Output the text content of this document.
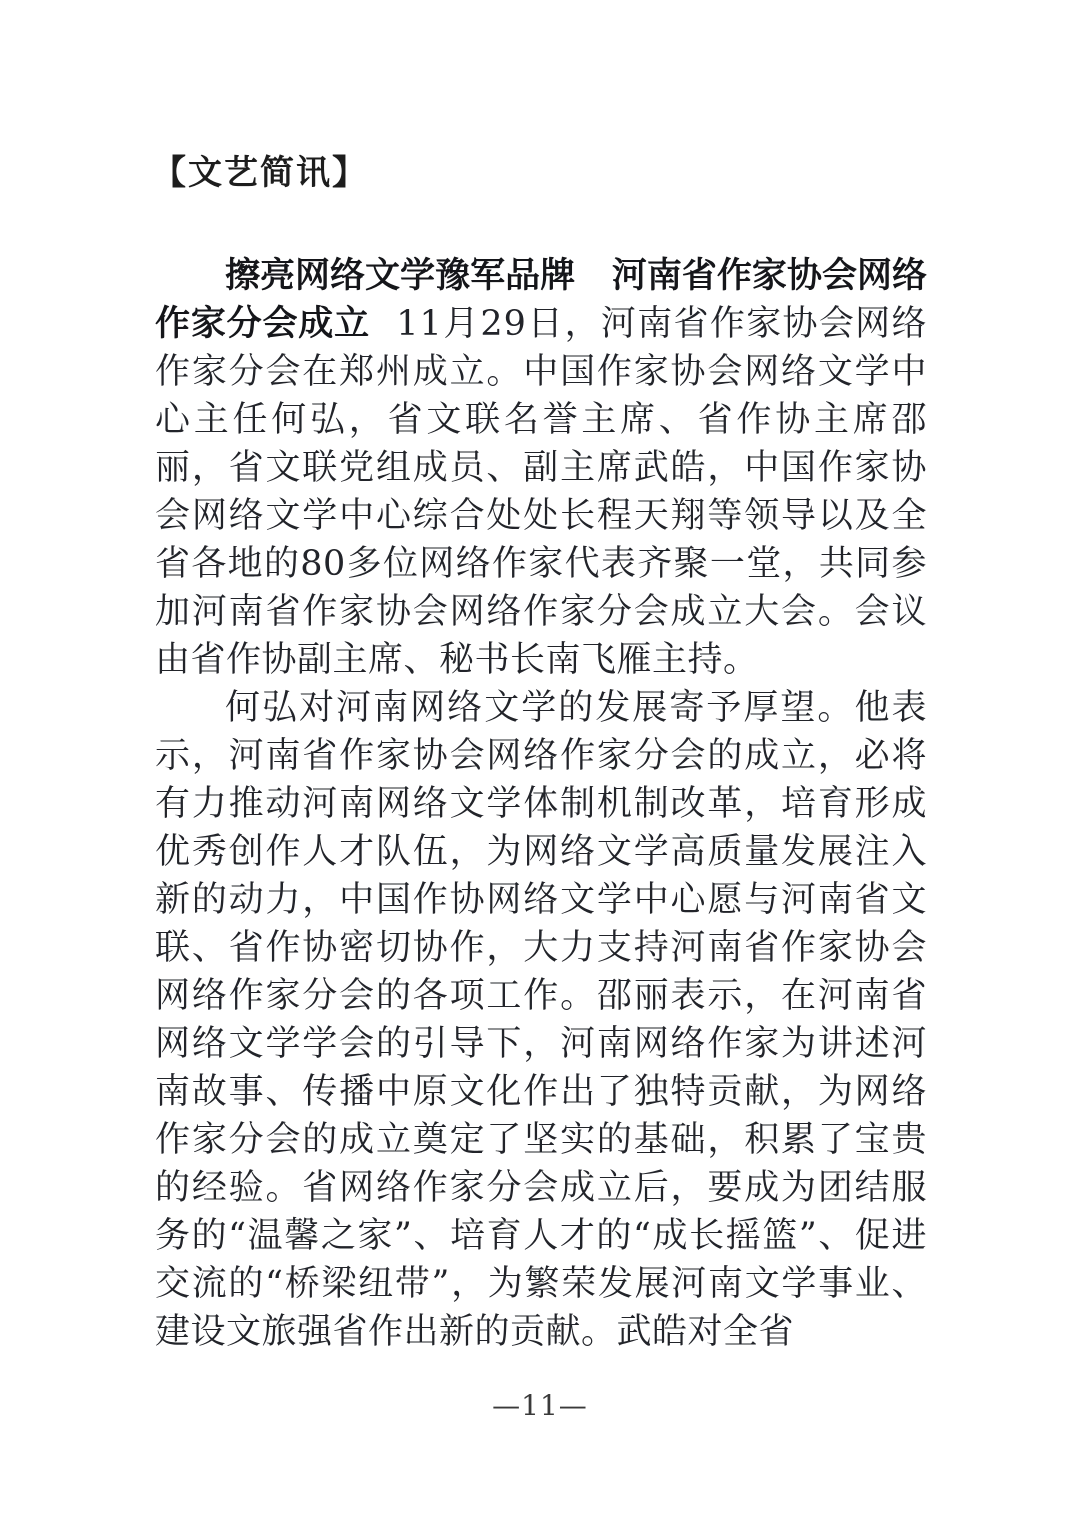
【文艺简讯】

擦亮网络文学豫军品牌 河南省作家协会网络作家分会成立 11月29日，河南省作家协会网络作家分会在郑州成立。中国作家协会网络文学中心主任何弘，省文联名誉主席、省作协主席邵丽，省文联党组成员、副主席武皓，中国作家协会网络文学中心综合处处长程天翔等领导以及全省各地的80多位网络作家代表齐聚一堂，共同参加河南省作家协会网络作家分会成立大会。会议由省作协副主席、秘书长南飞雁主持。

何弘对河南网络文学的发展寄予厚望。他表示，河南省作家协会网络作家分会的成立，必将有力推动河南网络文学体制机制改革，培育形成优秀创作人才队伍，为网络文学高质量发展注入新的动力，中国作协网络文学中心愿与河南省文联、省作协密切协作，大力支持河南省作家协会网络作家分会的各项工作。邵丽表示，在河南省网络文学学会的引导下，河南网络作家为讲述河南故事、传播中原文化作出了独特贡献，为网络作家分会的成立奠定了坚实的基础，积累了宝贵的经验。省网络作家分会成立后，要成为团结服务的“温馨之家”、培育人才的“成长摇篮”、促进交流的“桥梁纽带”，为繁荣发展河南文学事业、建设文旅强省作出新的贡献。武皓对全省

—11—
